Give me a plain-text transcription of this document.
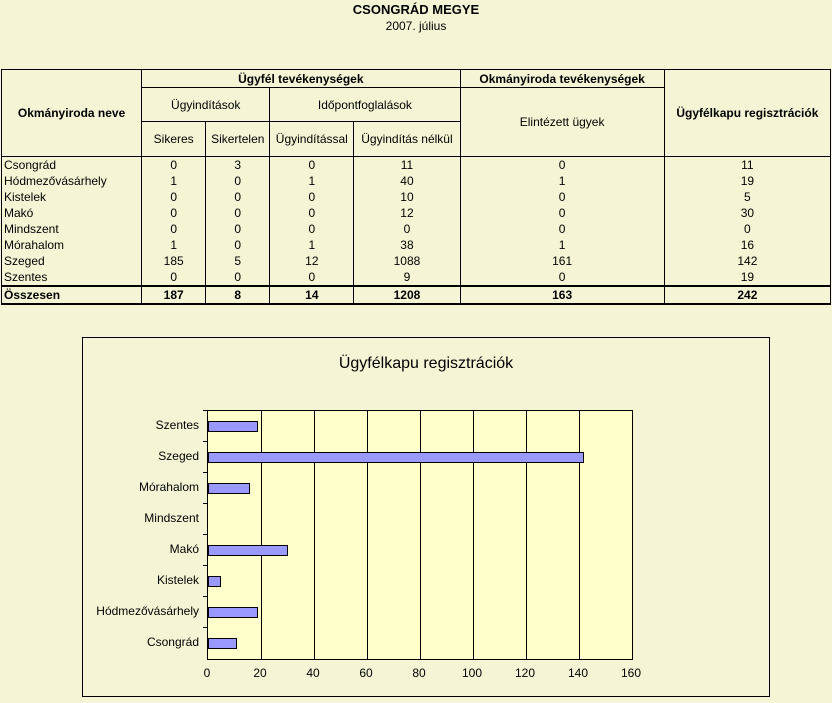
CSONGRÁD MEGYE
2007. július
Okmányiroda neve	Ügyfél tevékenységek				Okmányiroda tevékenységek	Ügyfélkapu regisztrációk
	Ügyindítások		Időpontfoglalások		Elintézett ügyek	
	Sikeres	Sikertelen	Ügyindítással	Ügyindítás nélkül		
Csongrád	0	3	0	11	0	11
Hódmezővásárhely	1	0	1	40	1	19
Kistelek	0	0	0	10	0	5
Makó	0	0	0	12	0	30
Mindszent	0	0	0	0	0	0
Mórahalom	1	0	1	38	1	16
Szeged	185	5	12	1088	161	142
Szentes	0	0	0	9	0	19
Összesen	187	8	14	1208	163	242
Ügyfélkapu regisztrációk
0	20	40	60	80	100	120	140	160
Szentes
Szeged
Mórahalom
Mindszent
Makó
Kistelek
Hódmezővásárhely
Csongrád
